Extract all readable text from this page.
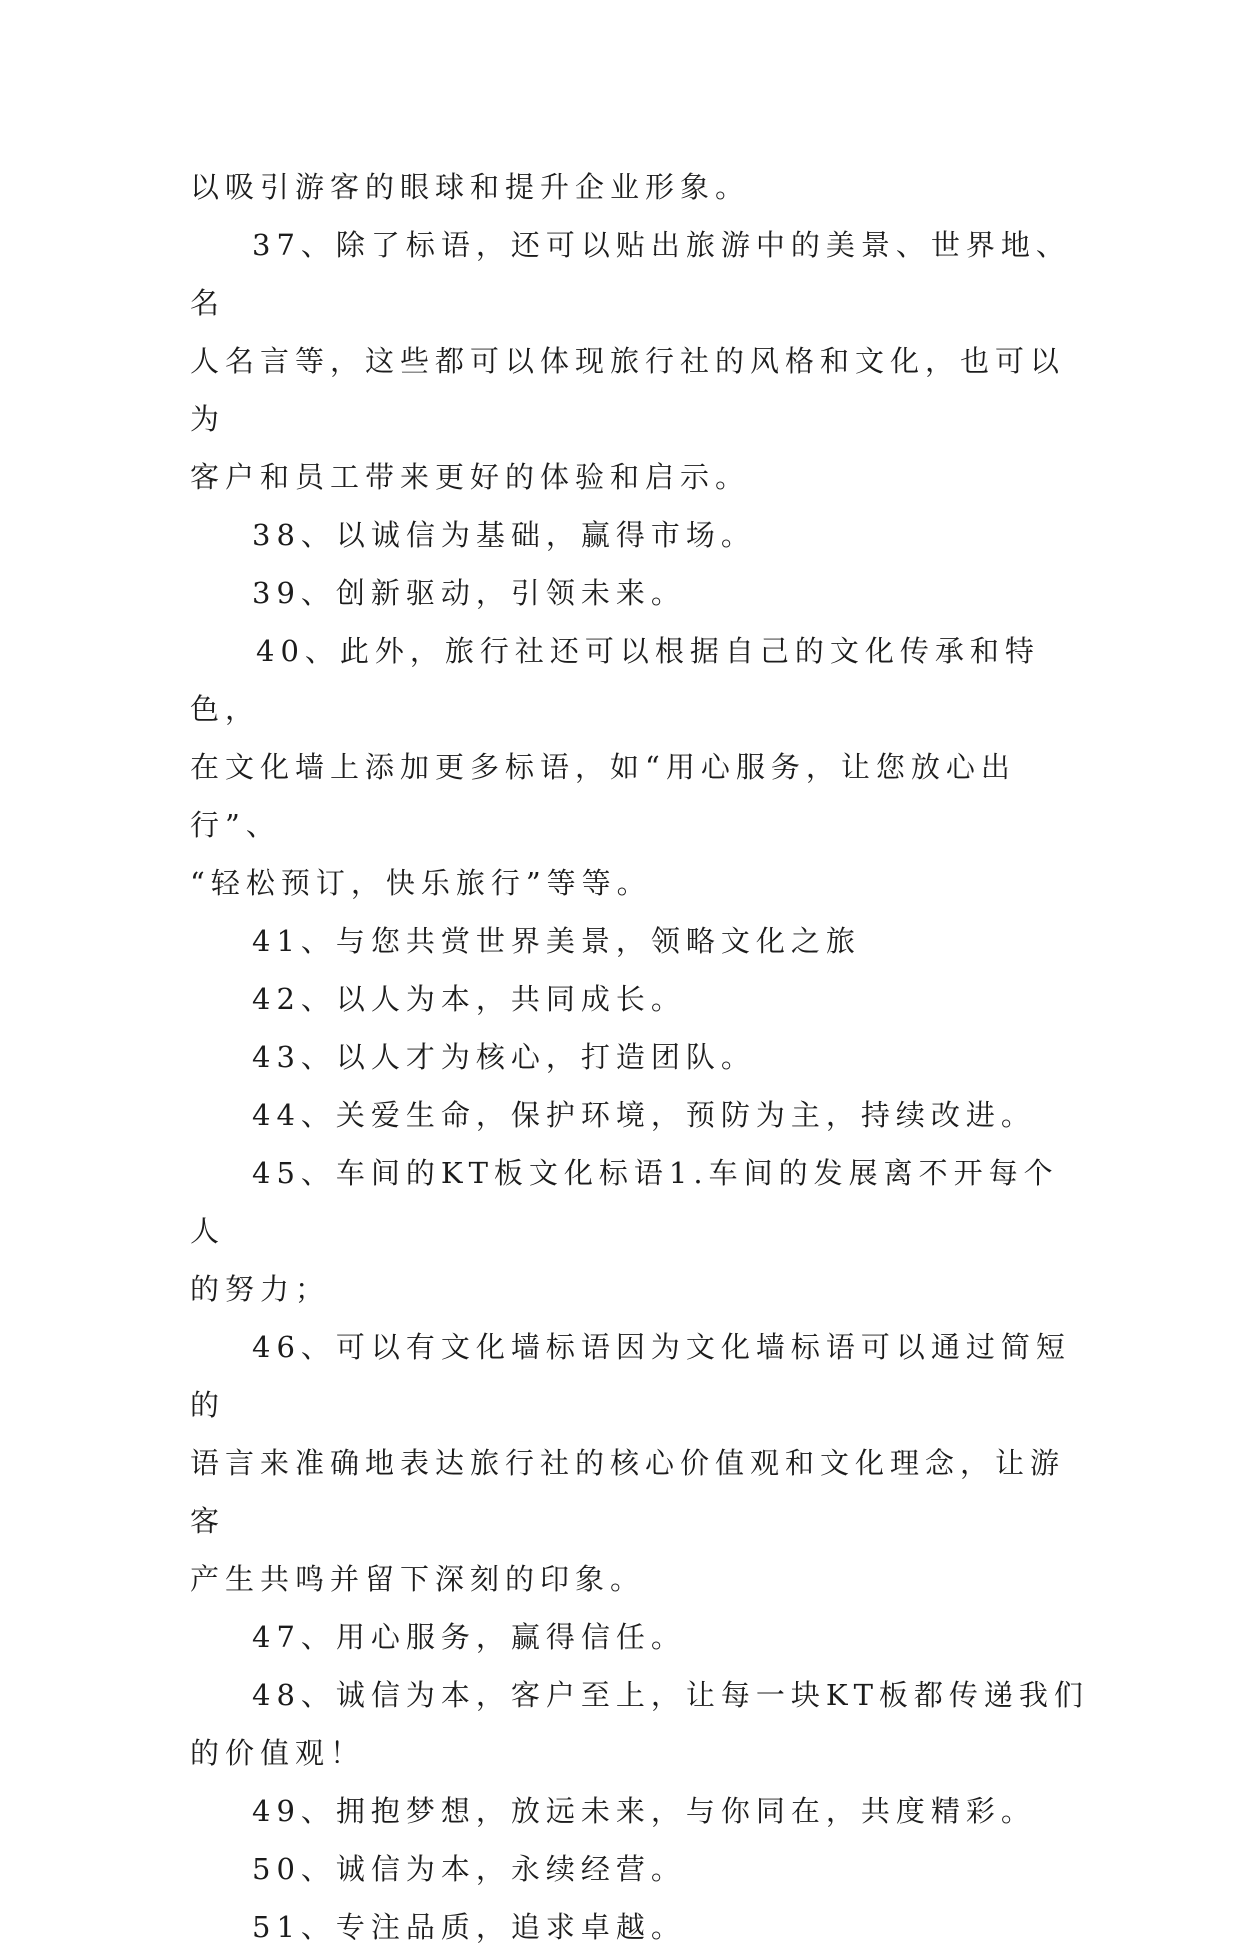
以吸引游客的眼球和提升企业形象。

37、除了标语，还可以贴出旅游中的美景、世界地、名
人名言等，这些都可以体现旅行社的风格和文化，也可以为
客户和员工带来更好的体验和启示。

38、以诚信为基础，赢得市场。

39、创新驱动，引领未来。

40、此外，旅行社还可以根据自己的文化传承和特色，
在文化墙上添加更多标语，如“用心服务，让您放心出行”、
“轻松预订，快乐旅行”等等。

41、与您共赏世界美景，领略文化之旅

42、以人为本，共同成长。

43、以人才为核心，打造团队。

44、关爱生命，保护环境，预防为主，持续改进。

45、车间的KT板文化标语1.车间的发展离不开每个人
的努力；

46、可以有文化墙标语因为文化墙标语可以通过简短的
语言来准确地表达旅行社的核心价值观和文化理念，让游客
产生共鸣并留下深刻的印象。

47、用心服务，赢得信任。

48、诚信为本，客户至上，让每一块KT板都传递我们
的价值观！

49、拥抱梦想，放远未来，与你同在，共度精彩。

50、诚信为本，永续经营。

51、专注品质，追求卓越。
